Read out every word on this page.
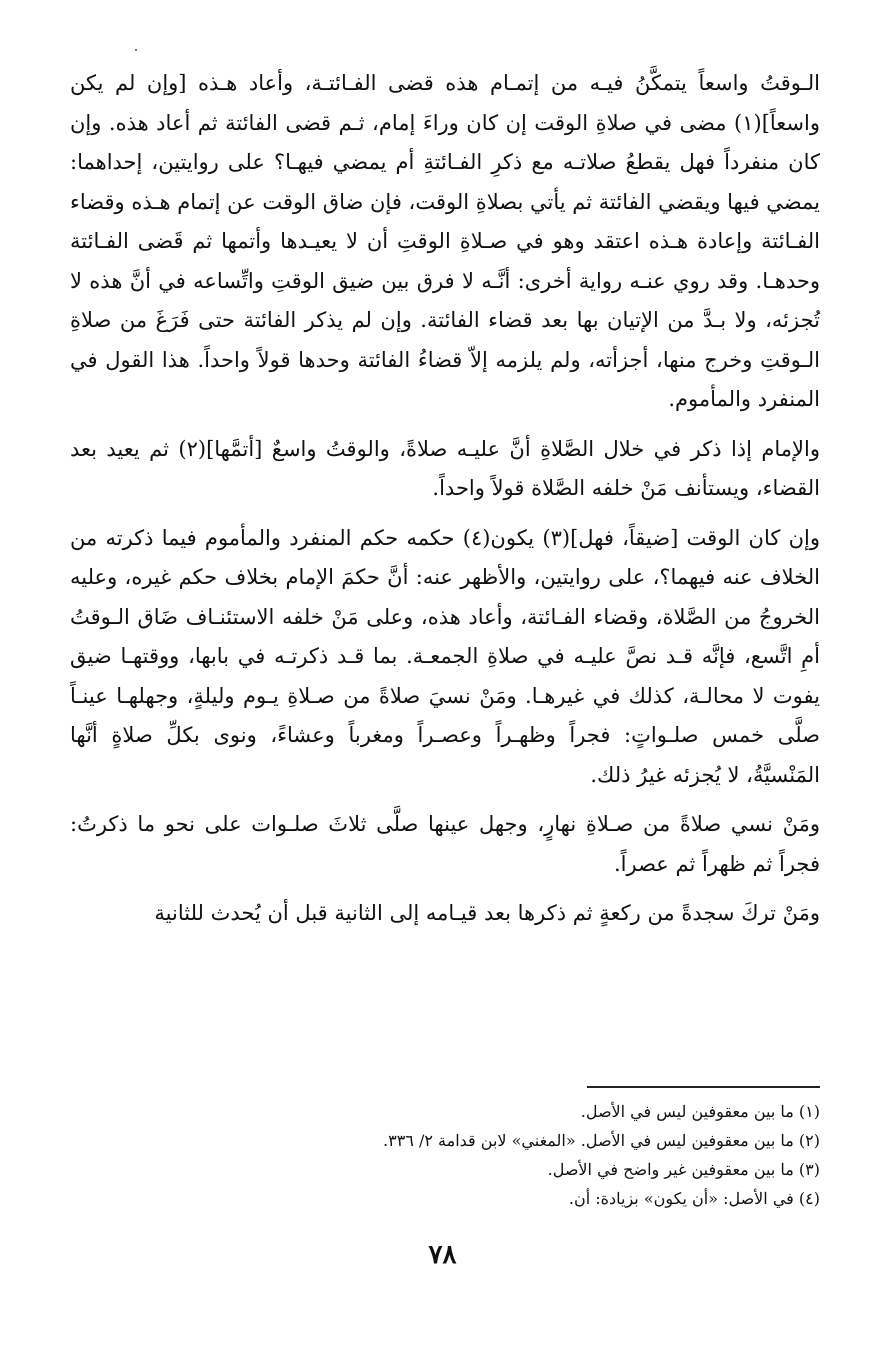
الـوقتُ واسعاً يتمكَّنُ فيـه من إتمـام هذه قضى الفـائتـة، وأعاد هـذه [وإن لم يكن واسعاً](١) مضى في صلاةِ الوقت إن كان وراءَ إمام، ثـم قضى الفائتة ثم أعاد هذه. وإن كان منفرداً فهل يقطعُ صلاتـه مع ذكرِ الفـائتةِ أم يمضي فيهـا؟ على روايتين، إحداهما: يمضي فيها ويقضي الفائتة ثم يأتي بصلاةِ الوقت، فإن ضاق الوقت عن إتمام هـذه وقضاء الفـائتة وإعادة هـذه اعتقد وهو في صـلاةِ الوقتِ أن لا يعيـدها وأتمها ثم قَضى الفـائتة وحدهـا. وقد روي عنـه رواية أخرى: أنَّـه لا فرق بين ضيق الوقتِ واتِّساعه في أنَّ هذه لا تُجزئه، ولا بـدَّ من الإتيان بها بعد قضاء الفائتة. وإن لم يذكر الفائتة حتى فَرَغَ من صلاةِ الـوقتِ وخرج منها، أجزأته، ولم يلزمه إلاّ قضاءُ الفائتة وحدها قولاً واحداً. هذا القول في المنفرد والمأموم.

والإمام إذا ذكر في خلال الصَّلاةِ أنَّ عليـه صلاةً، والوقتُ واسعٌ [أتمَّها](٢) ثم يعيد بعد القضاء، ويستأنف مَنْ خلفه الصَّلاة قولاً واحداً.

وإن كان الوقت [ضيقاً، فهل](٣) يكون(٤) حكمه حكم المنفرد والمأموم فيما ذكرته من الخلاف عنه فيهما؟، على روايتين، والأظهر عنه: أنَّ حكمَ الإمام بخلاف حكم غيره، وعليه الخروجُ من الصَّلاة، وقضاء الفـائتة، وأعاد هذه، وعلى مَنْ خلفه الاستئنـاف ضَاق الـوقتُ أمِ اتَّسع، فإنَّه قـد نصَّ عليـه في صلاةِ الجمعـة. بما قـد ذكرتـه في بابها، ووقتهـا ضيق يفوت لا محالـة، كذلك في غيرهـا. ومَنْ نسيَ صلاةً من صـلاةِ يـوم وليلةٍ، وجهلهـا عينـاً صلَّى خمس صلـواتٍ: فجراً وظهـراً وعصـراً ومغرباً وعشاءً، ونوى بكلِّ صلاةٍ أنَّها المَنْسيَّةُ، لا يُجزئه غيرُ ذلك.

ومَنْ نسي صلاةً من صـلاةِ نهارٍ، وجهل عينها صلَّى ثلاثَ صلـوات على نحو ما ذكرتُ: فجراً ثم ظهراً ثم عصراً.

ومَنْ تركَ سجدةً من ركعةٍ ثم ذكرها بعد قيـامه إلى الثانية قبل أن يُحدث للثانية

(١) ما بين معقوفين ليس في الأصل.

(٢) ما بين معقوفين ليس في الأصل. «المغني» لابن قدامة ٢/ ٣٣٦.

(٣) ما بين معقوفين غير واضح في الأصل.

(٤) في الأصل: «أن يكون» بزيادة: أن.

٧٨
